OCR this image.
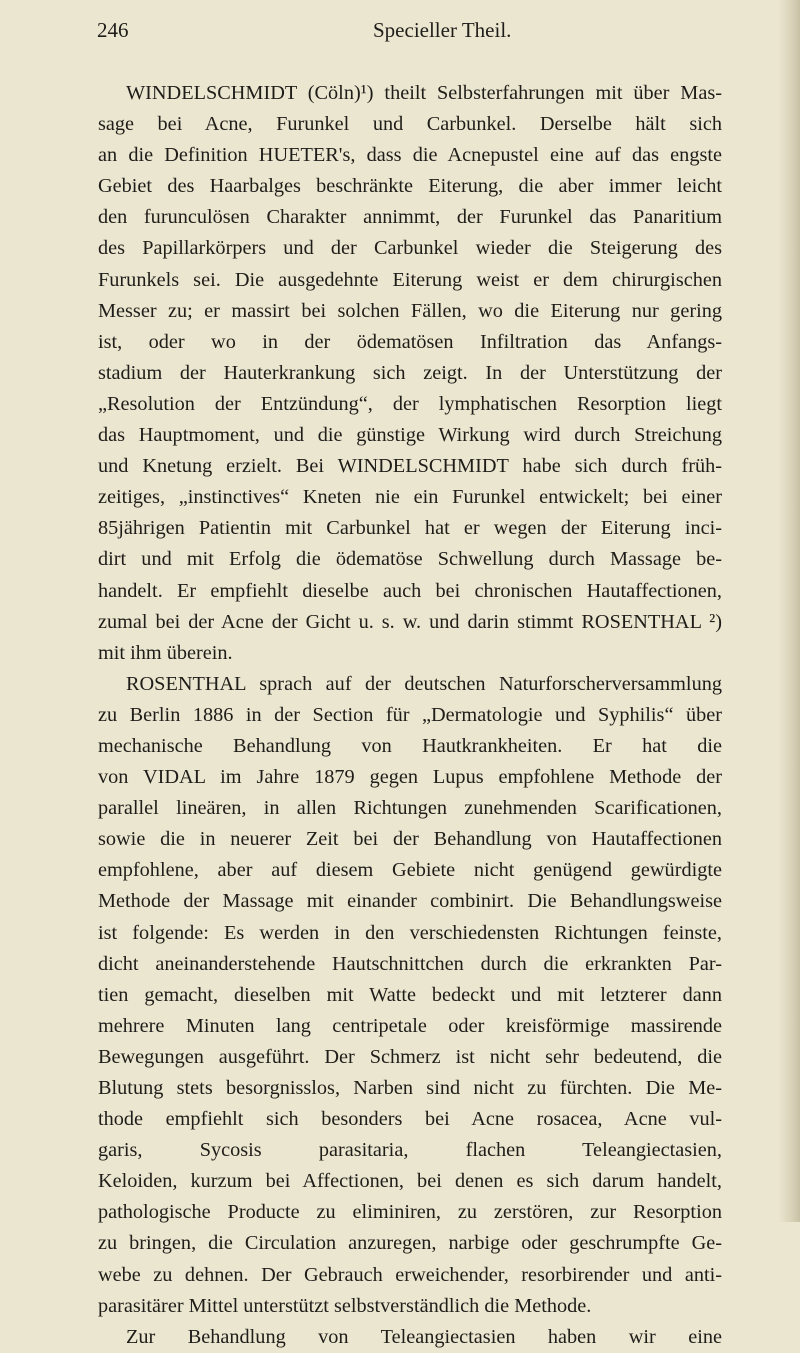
246	Specieller Theil.
WINDELSCHMIDT (Cöln)¹) theilt Selbsterfahrungen mit über Mas-
sage bei Acne, Furunkel und Carbunkel. Derselbe hält sich
an die Definition HUETER's, dass die Acnepustel eine auf das engste
Gebiet des Haarbalges beschränkte Eiterung, die aber immer leicht
den furunculösen Charakter annimmt, der Furunkel das Panaritium
des Papillarkörpers und der Carbunkel wieder die Steigerung des
Furunkels sei. Die ausgedehnte Eiterung weist er dem chirurgischen
Messer zu; er massirt bei solchen Fällen, wo die Eiterung nur gering
ist, oder wo in der ödematösen Infiltration das Anfangs-
stadium der Hauterkrankung sich zeigt. In der Unterstützung der
„Resolution der Entzündung“, der lymphatischen Resorption liegt
das Hauptmoment, und die günstige Wirkung wird durch Streichung
und Knetung erzielt. Bei WINDELSCHMIDT habe sich durch früh-
zeitiges, „instinctives“ Kneten nie ein Furunkel entwickelt; bei einer
85jährigen Patientin mit Carbunkel hat er wegen der Eiterung inci-
dirt und mit Erfolg die ödematöse Schwellung durch Massage be-
handelt. Er empfiehlt dieselbe auch bei chronischen Hautaffectionen,
zumal bei der Acne der Gicht u. s. w. und darin stimmt ROSENTHAL ²)
mit ihm überein.
ROSENTHAL sprach auf der deutschen Naturforscherversammlung
zu Berlin 1886 in der Section für „Dermatologie und Syphilis“ über
mechanische Behandlung von Hautkrankheiten. Er hat die
von VIDAL im Jahre 1879 gegen Lupus empfohlene Methode der
parallel lineären, in allen Richtungen zunehmenden Scarificationen,
sowie die in neuerer Zeit bei der Behandlung von Hautaffectionen
empfohlene, aber auf diesem Gebiete nicht genügend gewürdigte
Methode der Massage mit einander combinirt. Die Behandlungsweise
ist folgende: Es werden in den verschiedensten Richtungen feinste,
dicht aneinanderstehende Hautschnittchen durch die erkrankten Par-
tien gemacht, dieselben mit Watte bedeckt und mit letzterer dann
mehrere Minuten lang centripetale oder kreisförmige massirende
Bewegungen ausgeführt. Der Schmerz ist nicht sehr bedeutend, die
Blutung stets besorgnisslos, Narben sind nicht zu fürchten. Die Me-
thode empfiehlt sich besonders bei Acne rosacea, Acne vul-
garis, Sycosis parasitaria, flachen Teleangiectasien,
Keloiden, kurzum bei Affectionen, bei denen es sich darum handelt,
pathologische Producte zu eliminiren, zu zerstören, zur Resorption
zu bringen, die Circulation anzuregen, narbige oder geschrumpfte Ge-
webe zu dehnen. Der Gebrauch erweichender, resorbirender und anti-
parasitärer Mittel unterstützt selbstverständlich die Methode.
Zur Behandlung von Teleangiectasien haben wir eine
